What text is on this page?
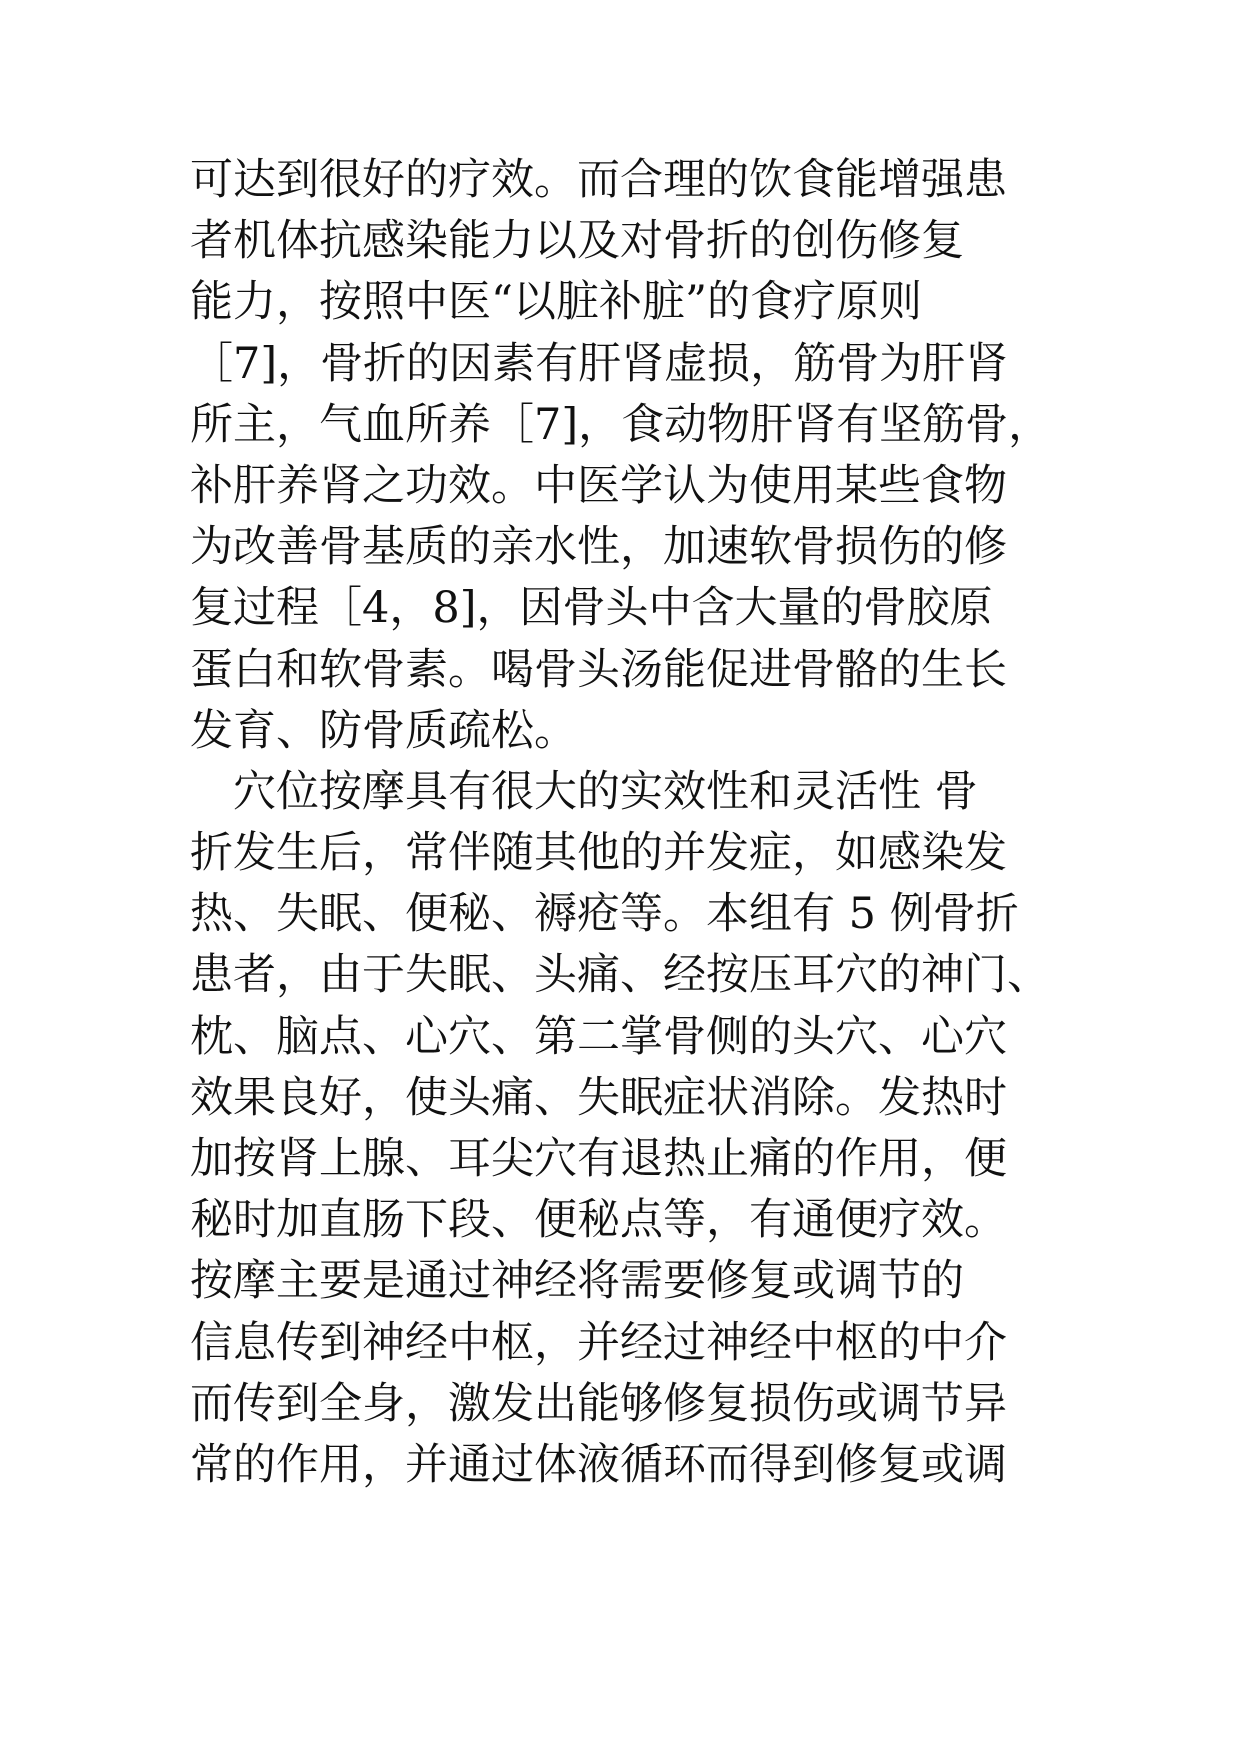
可达到很好的疗效。而合理的饮食能增强患
者机体抗感染能力以及对骨折的创伤修复
能力，按照中医“以脏补脏”的食疗原则
［7]，骨折的因素有肝肾虚损，筋骨为肝肾
所主，气血所养［7]，食动物肝肾有坚筋骨，
补肝养肾之功效。中医学认为使用某些食物
为改善骨基质的亲水性，加速软骨损伤的修
复过程［4，8]，因骨头中含大量的骨胶原
蛋白和软骨素。喝骨头汤能促进骨骼的生长
发育、防骨质疏松。
　穴位按摩具有很大的实效性和灵活性 骨
折发生后，常伴随其他的并发症，如感染发
热、失眠、便秘、褥疮等。本组有 5 例骨折
患者，由于失眠、头痛、经按压耳穴的神门、
枕、脑点、心穴、第二掌骨侧的头穴、心穴
效果良好，使头痛、失眠症状消除。发热时
加按肾上腺、耳尖穴有退热止痛的作用，便
秘时加直肠下段、便秘点等，有通便疗效。
按摩主要是通过神经将需要修复或调节的
信息传到神经中枢，并经过神经中枢的中介
而传到全身，激发出能够修复损伤或调节异
常的作用，并通过体液循环而得到修复或调
